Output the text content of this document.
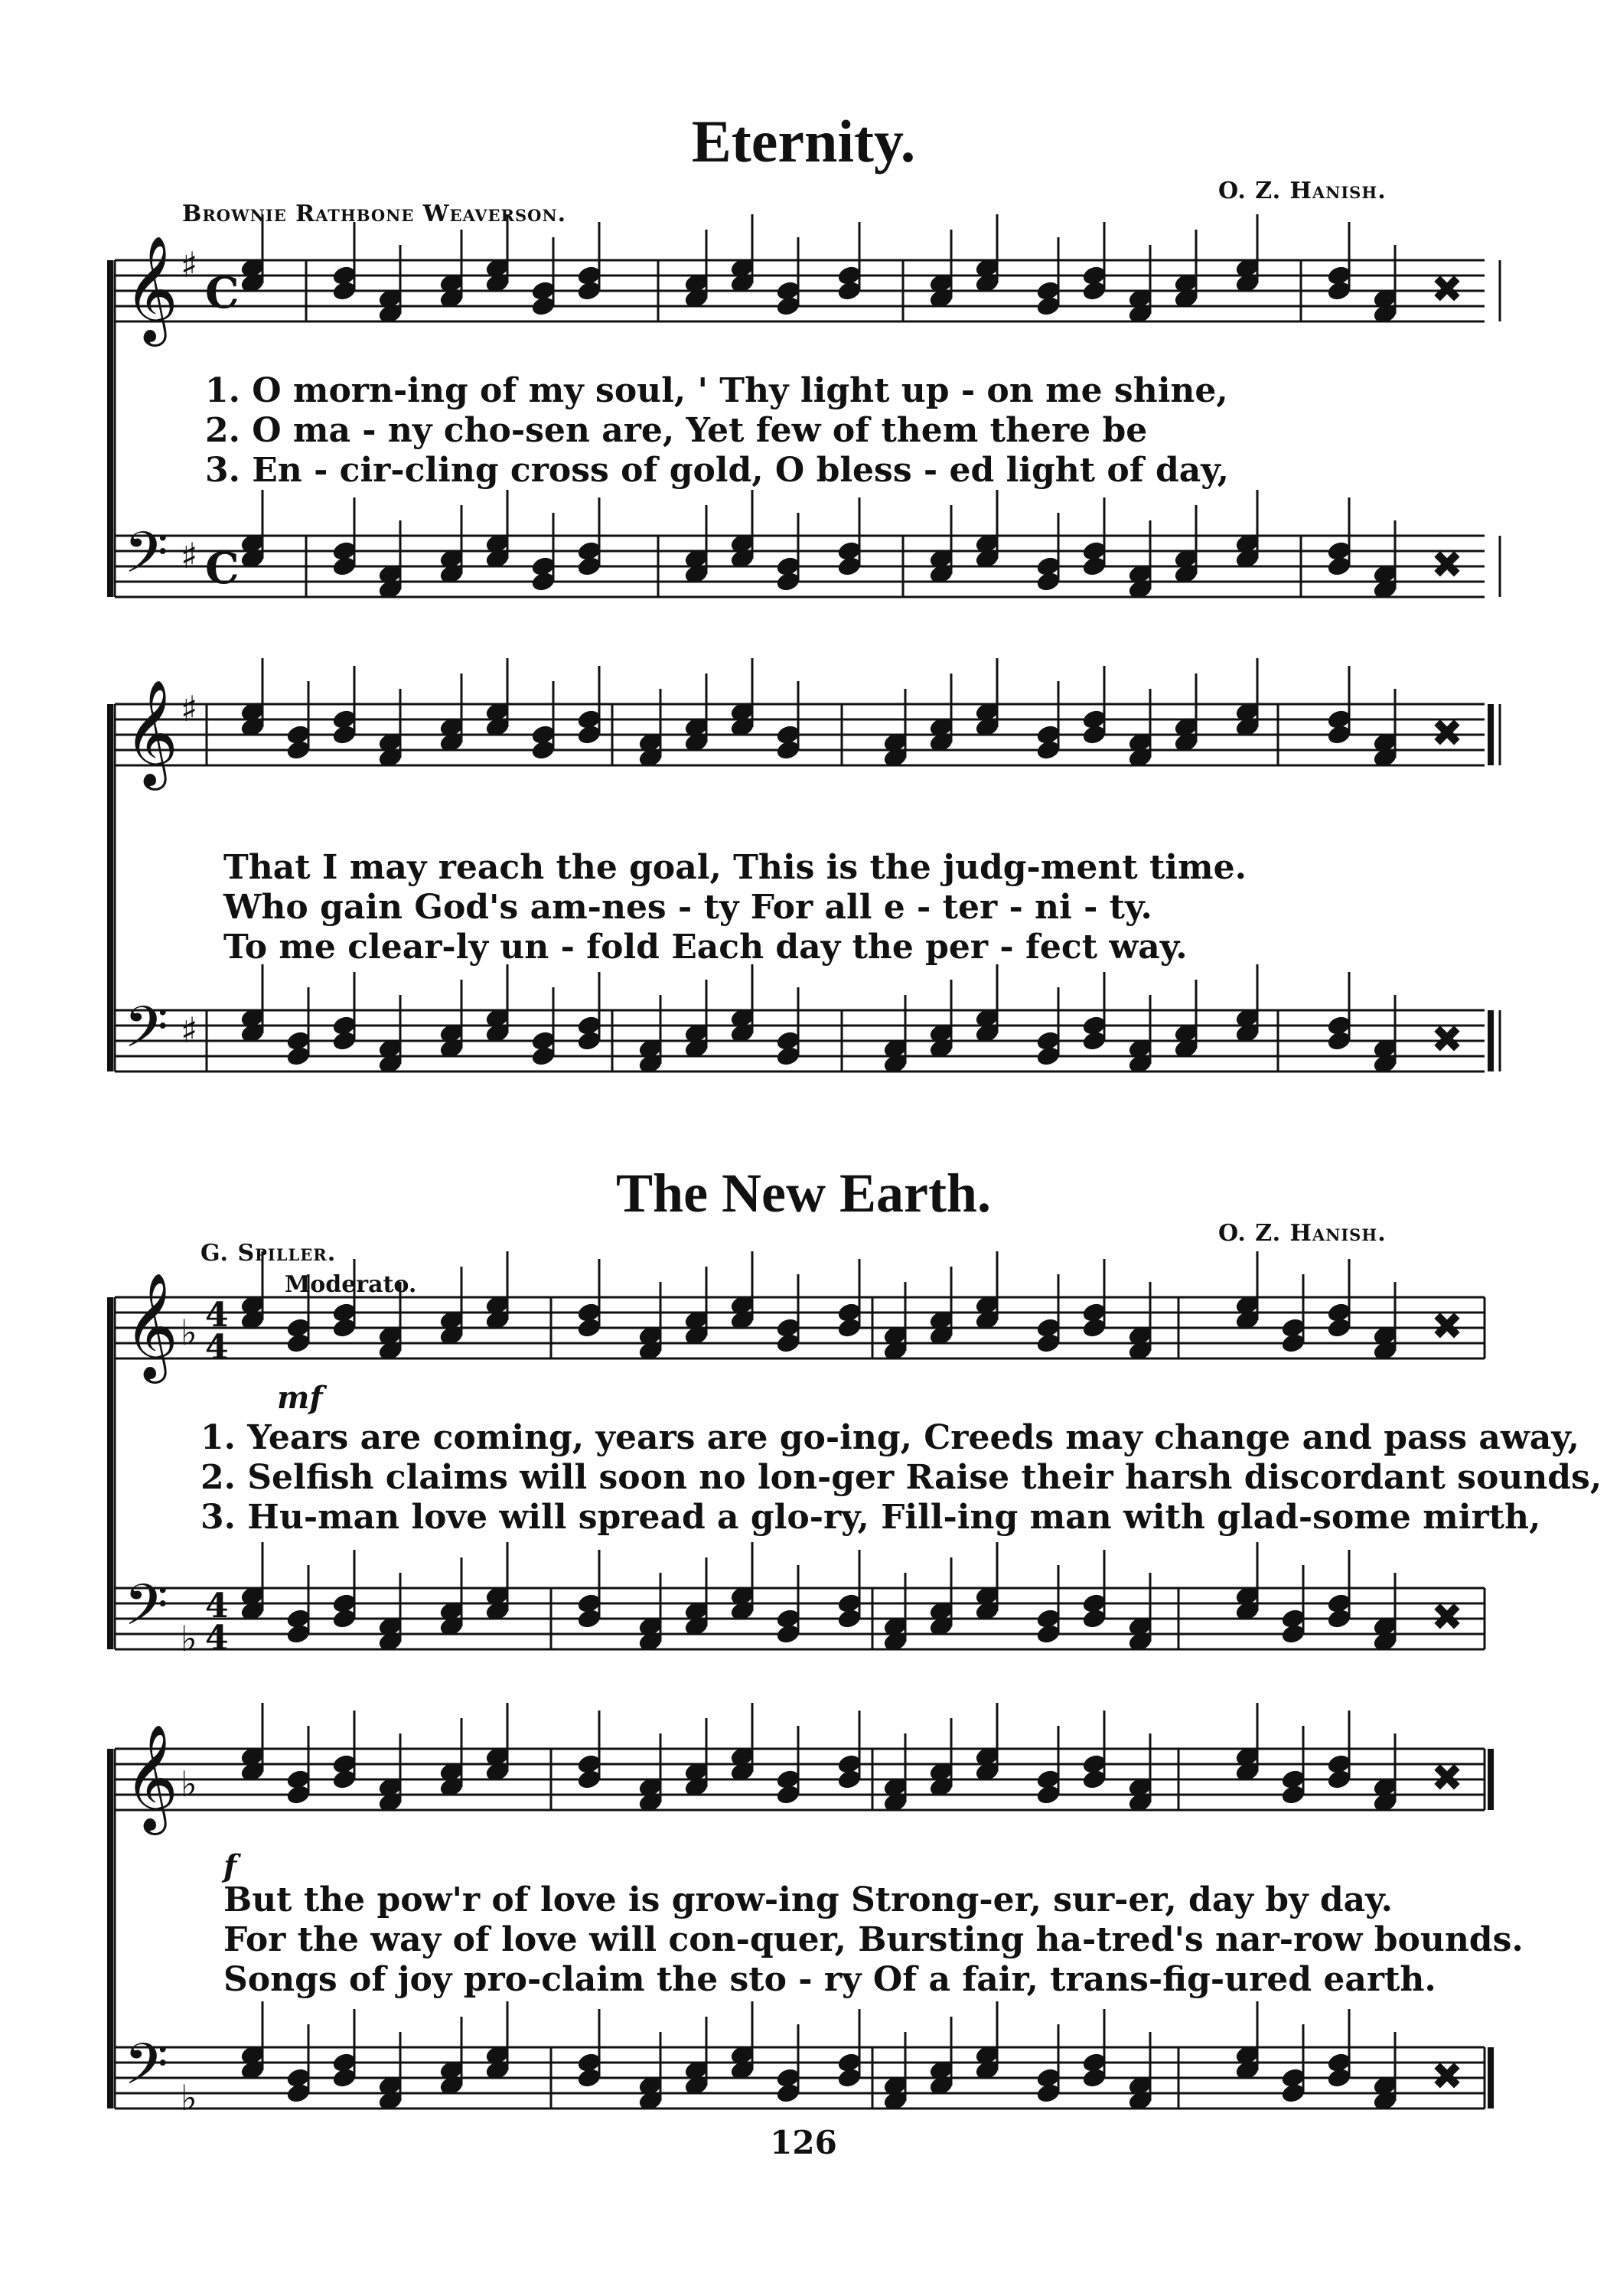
Eternity.
Brownie Rathbone Weaverson.
O. Z. Hanish.
𝄞 ♯
C	✖
𝄢 ♯ C	✖
1. O morn-ing of my soul, ' Thy light up - on me shine,
2. O ma - ny cho-sen are, Yet few of them there be
3. En - cir-cling cross of gold, O bless - ed light of day,
𝄞 ♯
✖
𝄢 ♯	✖
That I may reach the goal, This is the judg-ment time.
Who gain God's am-nes - ty For all e - ter - ni - ty.
To me clear-ly un - fold Each day the per - fect way.
The New Earth.
G. Spiller.
O. Z. Hanish.
Moderato.
mf
𝄞 ♭ 4
4	✖
𝄢 ♭ 4
4	✖
1. Years are coming, years are go-ing, Creeds may change and pass away,
2. Selfish claims will soon no lon-ger Raise their harsh discordant sounds,
3. Hu-man love will spread a glo-ry, Fill-ing man with glad-some mirth,
f
𝄞 ♭	✖
𝄢 ♭	✖
But the pow'r of love is grow-ing Strong-er, sur-er, day by day.
For the way of love will con-quer, Bursting ha-tred's nar-row bounds.
Songs of joy pro-claim the sto - ry Of a fair, trans-fig-ured earth.
126
